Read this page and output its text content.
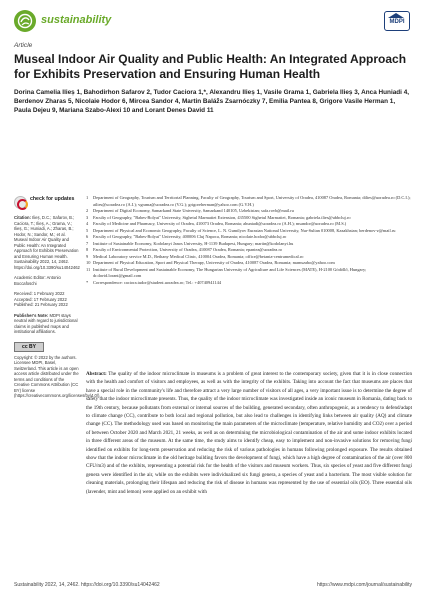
sustainability	MDPI
Article
Museal Indoor Air Quality and Public Health: An Integrated Approach for Exhibits Preservation and Ensuring Human Health
Dorina Camelia Ilieș 1, Bahodirhon Safarov 2, Tudor Caciora 1,*, Alexandru Ilieș 1, Vasile Grama 1, Gabriela Ilieș 3, Anca Huniadi 4, Berdenov Zharas 5, Nicolaie Hodor 6, Mircea Sandor 4, Martin Baláz̆s Zsarnóczky 7, Emilia Pantea 8, Grigore Vasile Herman 1, Paula Dejeu 9, Mariana Szabo-Alexi 10 and Lorant Denes David 11
check for updates
Citation: Ilieș, D.C.; Safarov, B.; Caciora, T.; Ilieș, A.; Grama, V.; Ilieș, G.; Huniadi, A.; Zharas, B.; Hodor, N.; Sandor, M.; et al. Museal Indoor Air Quality and Public Health: An Integrated Approach for Exhibits Preservation and Ensuring Human Health. Sustainability 2022, 14, 2462. https://doi.org/10.3390/su14042462
Academic Editor: Antonio Boccafoschi
Received: 1 February 2022
Accepted: 17 February 2022
Published: 21 February 2022
Publisher's Note: MDPI stays neutral with regard to jurisdictional claims in published maps and institutional affiliations.
cc BY
Copyright: © 2022 by the authors. Licensee MDPI, Basel, Switzerland. This article is an open access article distributed under the terms and conditions of the Creative Commons Attribution (CC BY) license (https://creativecommons.org/licenses/by/4.0/).
1 Department of Geography, Tourism and Territorial Planning, Faculty of Geography, Tourism and Sport, University of Oradea, 410087 Oradea, Romania; dilies@uoradea.ro (D.C.I.); ailies@uoradea.ro (A.I.); vgrama@uoradea.ro (V.G.); grigoreherman@yahoo.com (G.V.H.)
2 Department of Digital Economy, Samarkand State University, Samarkand 140105, Uzbekistan; safa.rovb@mail.ru
3 Faculty of Geography, "Babes-Bolyai" University, Sighetul Marmatiei Extension, 435500 Sighetul Marmatiei, Romania; gabriela.ilies@ubbcluj.ro
4 Faculty of Medicine and Pharmacy, University of Oradea, 410073 Oradea, Romania; ahuniadi@uoradea.ro (A.H.); msandor@uoradea.ro (M.S.)
5 Department of Physical and Economic Geography, Faculty of Science, L. N. Gumilyov Eurasian National University, Nur-Sultan 010008, Kazakhstan; berdenov-z@mail.ru
6 Faculty of Geography, "Babes-Bolyai" University, 400006 Cluj Napoca, Romania; nicolaie.hodor@ubbcluj.ro
7 Institute of Sustainable Economy, Kodolanyi Janos University, H-1139 Budapest, Hungary; martin@kodolanyi.hu
8 Faculty of Environmental Protection, University of Oradea, 410087 Oradea, Romania; epantea@uoradea.ro
9 Medical Laboratory service M.D., Bethany Medical Clinic, 410004 Oradea, Romania; office@betania-centrumedical.ro
10 Department of Physical Education, Sport and Physical Therapy, University of Oradea, 410087 Oradea, Romania; mamszabo@yahoo.com
11 Institute of Rural Development and Sustainable Economy, The Hungarian University of Agriculture and Life Sciences (MATE), H-2100 Gödöllő, Hungary; dr.david.lorant@gmail.com
* Correspondence: caciora.tudor@student.uoradea.ro; Tel.: +40740941144
Abstract: The quality of the indoor microclimate in museums is a problem of great interest to the contemporary society, given that it is in close connection with the health and comfort of visitors and employees, as well as with the integrity of the exhibits. Taking into account the fact that museums are places that have a special role in the community's life and therefore attract a very large number of visitors of all ages, a very important issue is to determine the degree of safety that the indoor microclimate presents. Thus, the quality of the indoor microclimate was investigated inside an iconic museum in Romania, dating back to the 19th century, because pollutants from external or internal sources of the building, generated secondary, often anthropogenic, as a tendency to defend/adapt to climate change (CC), contribute to both local and regional pollution, but also lead to challenges in identifying links between air quality (AQ) and climate change (CC). The methodology used was based on monitoring the main parameters of the microclimate (temperature, relative humidity and CO2) over a period of between October 2020 and March 2021, 21 weeks, as well as on determining the microbiological contamination of the air and some indoor exhibits located in three different areas of the museum. At the same time, the study aims to identify cheap, easy to implement and non-invasive solutions for removing fungi identified on exhibits for long-term preservation and reducing the risk of various pathologies in humans following prolonged exposure. The results obtained show that the indoor microclimate in the old heritage building favors the development of fungi, which have a high degree of contamination of the air (over 800 CFU/m3) and of the exhibits, representing a potential risk for the health of the visitors and museum workers. Thus, six species of yeast and five different fungi genera were identified in the air, while on the exhibits were individualized six fungi genera, a species of yeast and a bacterium. The most visible solution for cleaning materials, prolonging their lifespan and reducing the risk of disease in humans was represented by the use of essential oils (EO). Three essential oils (lavender, mint and lemon) were applied on an exhibit with
Sustainability 2022, 14, 2462. https://doi.org/10.3390/su14042462	https://www.mdpi.com/journal/sustainability
